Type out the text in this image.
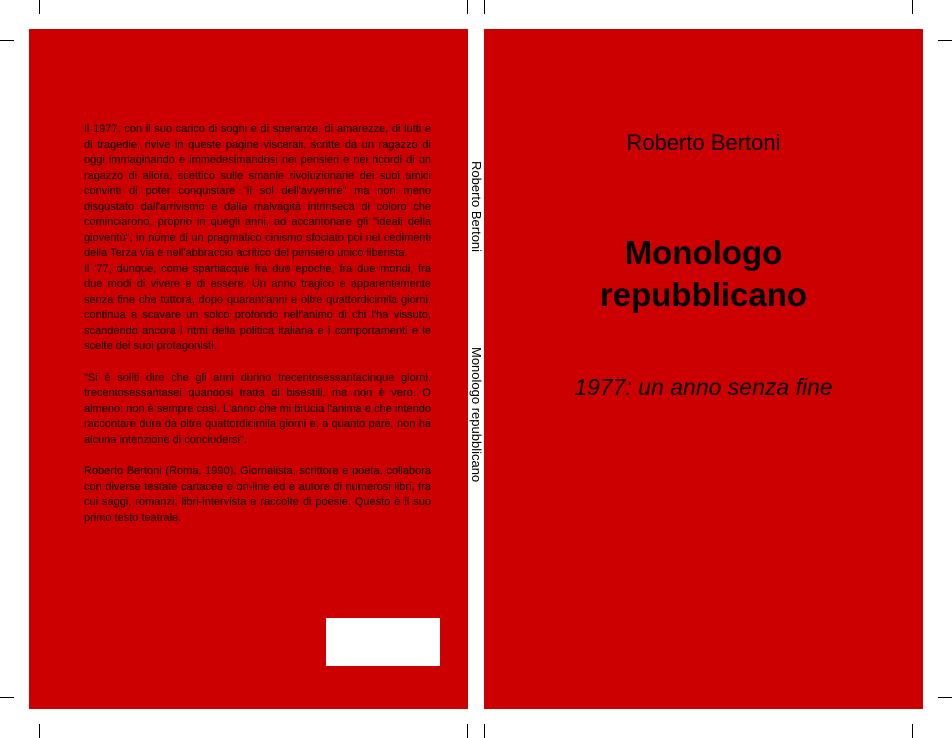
Il 1977, con il suo carico di sogni e di speranze, di amarezze, di lutti e di tragedie, rivive in queste pagine viscerali, scritte da un ragazzo di oggi immaginando e immedesimandosi nei pensieri e nei ricordi di un ragazzo di allora, scettico sulle smanie rivoluzionarie dei suoi amici convinti di poter conquistare "il sol dell'avvenire" ma non meno disgustato dall'arrivismo e dalla malvagità intrinseca di coloro che cominciarono, proprio in quegli anni, ad accantonare gli "ideali della gioventù", in nome di un pragmatico cinismo sfociato poi nei cedimenti della Terza via e nell'abbraccio acritico del pensiero unico liberista.

Il '77, dunque, come spartiacque fra due epoche, fra due mondi, fra due modi di vivere e di essere. Un anno tragico e apparentemente senza fine che tuttora, dopo quarant'anni e oltre quattordicimila giorni, continua a scavare un solco profondo nell'animo di chi l'ha vissuto, scandendo ancora i ritmi della politica italiana e i comportamenti e le scelte dei suoi protagonisti.

"Si è soliti dire che gli anni durino trecentosessantacinque giorni, trecentosessantasei quandosi tratta di bisestili, ma non è vero. O almeno: non è sempre così. L'anno che mi brucia l'anima e che intendo raccontare dura da oltre quattordicimila giorni e, a quanto pare, non ha alcuna intenzione di concludersi".

Roberto Bertoni (Roma, 1990). Giornalista, scrittore e poeta, collabora con diverse testate cartacee e on-line ed è autore di numerosi libri, fra cui saggi, romanzi, libri-intervista e raccolte di poesie. Questo è il suo primo testo teatrale.

Roberto Bertoni
Monologo repubblicano
Roberto Bertoni
Monologo
repubblicano
1977: un anno senza fine
